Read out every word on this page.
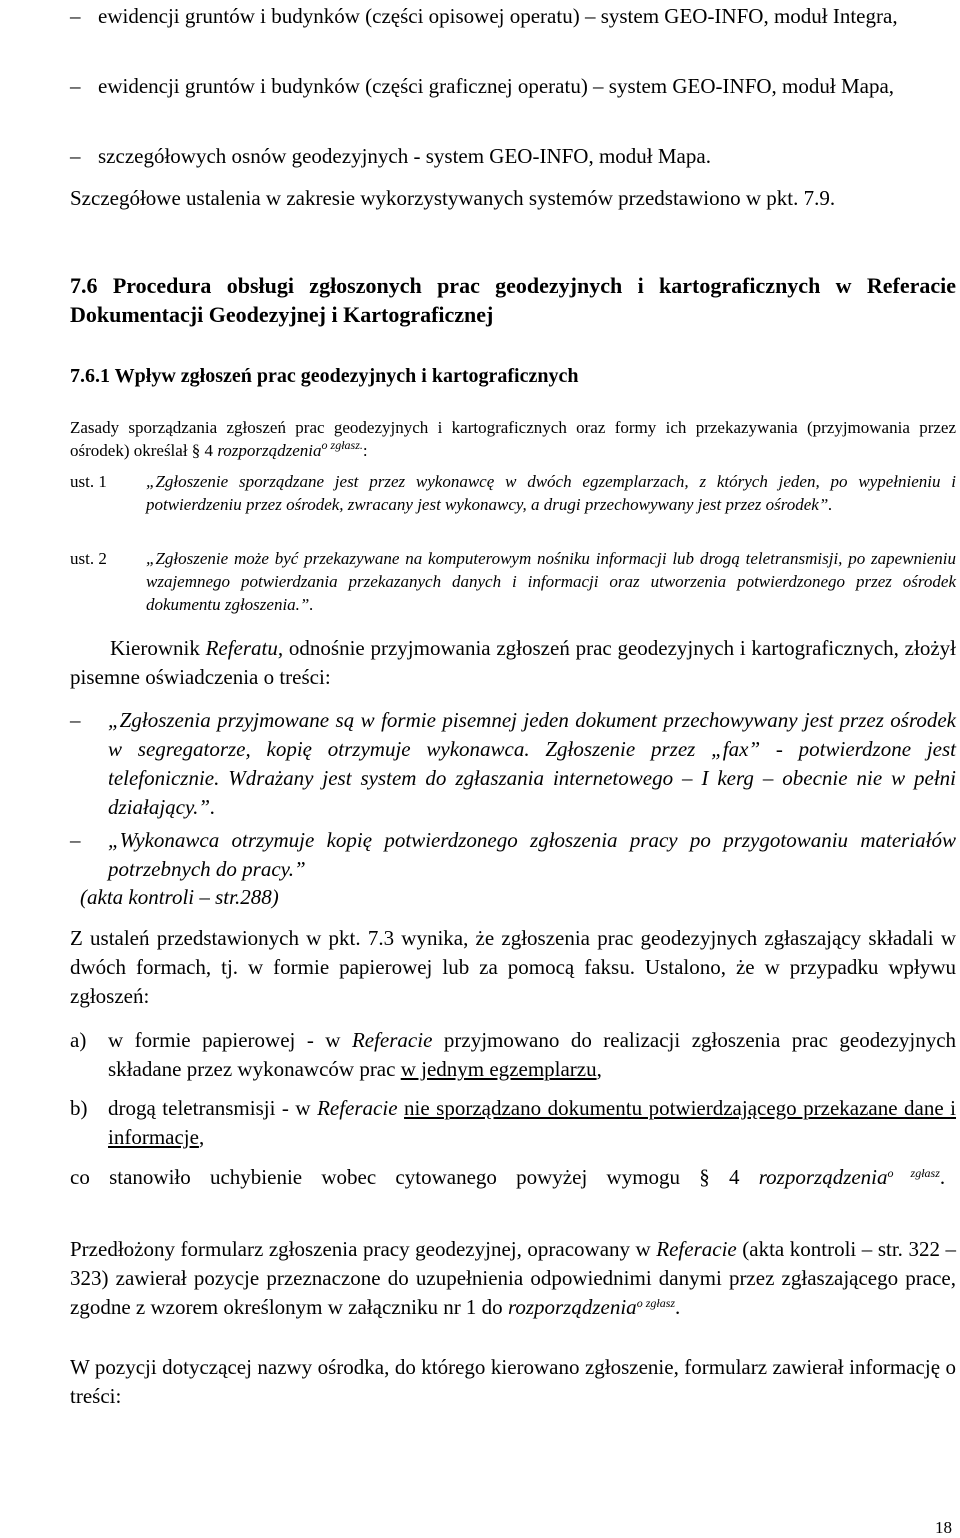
– ewidencji gruntów i budynków (części opisowej operatu) – system GEO-INFO, moduł Integra,
– ewidencji gruntów i budynków (części graficznej operatu) – system GEO-INFO, moduł Mapa,
– szczegółowych osnów geodezyjnych - system GEO-INFO, moduł Mapa.

Szczegółowe ustalenia w zakresie wykorzystywanych systemów przedstawiono w pkt. 7.9.

7.6 Procedura obsługi zgłoszonych prac geodezyjnych i kartograficznych w Referacie Dokumentacji Geodezyjnej i Kartograficznej
7.6.1 Wpływ zgłoszeń prac geodezyjnych i kartograficznych

Zasady sporządzania zgłoszeń prac geodezyjnych i kartograficznych oraz formy ich przekazywania (przyjmowania przez ośrodek) określał § 4 rozporządzenia$^{o zgłasz.}$:

ust. 1 „Zgłoszenie sporządzane jest przez wykonawcę w dwóch egzemplarzach, z których jeden, po wypełnieniu i potwierdzeniu przez ośrodek, zwracany jest wykonawcy, a drugi przechowywany jest przez ośrodek”.
ust. 2 „Zgłoszenie może być przekazywane na komputerowym nośniku informacji lub drogą teletransmisji, po zapewnieniu wzajemnego potwierdzania przekazanych danych i informacji oraz utworzenia potwierdzonego przez ośrodek dokumentu zgłoszenia.”.

Kierownik Referatu, odnośnie przyjmowania zgłoszeń prac geodezyjnych i kartograficznych, złożył pisemne oświadczenia o treści:

– „Zgłoszenia przyjmowane są w formie pisemnej jeden dokument przechowywany jest przez ośrodek w segregatorze, kopię otrzymuje wykonawca. Zgłoszenie przez „fax” - potwierdzone jest telefonicznie. Wdrażany jest system do zgłaszania internetowego – I kerg – obecnie nie w pełni działający.”.
– „Wykonawca otrzymuje kopię potwierdzonego zgłoszenia pracy po przygotowaniu materiałów potrzebnych do pracy.”

(akta kontroli – str.288)

Z ustaleń przedstawionych w pkt. 7.3 wynika, że zgłoszenia prac geodezyjnych zgłaszający składali w dwóch formach, tj. w formie papierowej lub za pomocą faksu. Ustalono, że w przypadku wpływu zgłoszeń:

a) w formie papierowej - w Referacie przyjmowano do realizacji zgłoszenia prac geodezyjnych składane przez wykonawców prac w jednym egzemplarzu,
b) drogą teletransmisji - w Referacie nie sporządzano dokumentu potwierdzającego przekazane dane i informacje,

co stanowiło uchybienie wobec cytowanego powyżej wymogu § 4 rozporządzenia$^{o zgłasz}$.

Przedłożony formularz zgłoszenia pracy geodezyjnej, opracowany w Referacie (akta kontroli – str. 322 – 323) zawierał pozycje przeznaczone do uzupełnienia odpowiednimi danymi przez zgłaszającego prace, zgodne z wzorem określonym w załączniku nr 1 do rozporządzenia$^{o zgłasz}$.

W pozycji dotyczącej nazwy ośrodka, do którego kierowano zgłoszenie, formularz zawierał informację o treści:

18
